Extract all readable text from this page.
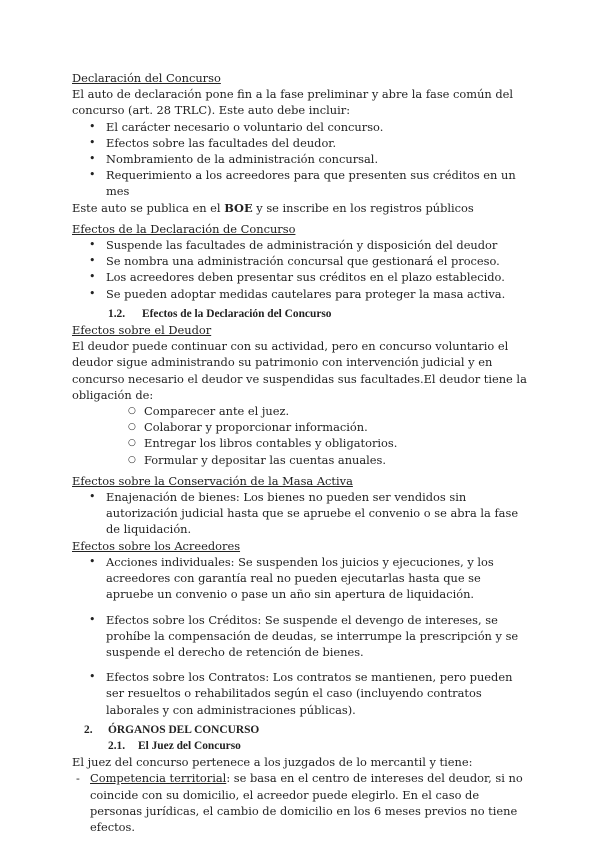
Declaración del Concurso

El auto de declaración pone fin a la fase preliminar y abre la fase común del concurso (art. 28 TRLC). Este auto debe incluir:

• El carácter necesario o voluntario del concurso.
• Efectos sobre las facultades del deudor.
• Nombramiento de la administración concursal.
• Requerimiento a los acreedores para que presenten sus créditos en un mes

Este auto se publica en el BOE y se inscribe en los registros públicos

Efectos de la Declaración de Concurso

• Suspende las facultades de administración y disposición del deudor
• Se nombra una administración concursal que gestionará el proceso.
• Los acreedores deben presentar sus créditos en el plazo establecido.
• Se pueden adoptar medidas cautelares para proteger la masa activa.

1.2. Efectos de la Declaración del Concurso

Efectos sobre el Deudor

El deudor puede continuar con su actividad, pero en concurso voluntario el deudor sigue administrando su patrimonio con intervención judicial y en concurso necesario el deudor ve suspendidas sus facultades.El deudor tiene la obligación de:

○ Comparecer ante el juez.
○ Colaborar y proporcionar información.
○ Entregar los libros contables y obligatorios.
○ Formular y depositar las cuentas anuales.

Efectos sobre la Conservación de la Masa Activa

• Enajenación de bienes: Los bienes no pueden ser vendidos sin autorización judicial hasta que se apruebe el convenio o se abra la fase de liquidación.

Efectos sobre los Acreedores

• Acciones individuales: Se suspenden los juicios y ejecuciones, y los acreedores con garantía real no pueden ejecutarlas hasta que se apruebe un convenio o pase un año sin apertura de liquidación.
• Efectos sobre los Créditos: Se suspende el devengo de intereses, se prohíbe la compensación de deudas, se interrumpe la prescripción y se suspende el derecho de retención de bienes.
• Efectos sobre los Contratos: Los contratos se mantienen, pero pueden ser resueltos o rehabilitados según el caso (incluyendo contratos laborales y con administraciones públicas).

2. ÓRGANOS DEL CONCURSO

2.1. El Juez del Concurso

El juez del concurso pertenece a los juzgados de lo mercantil y tiene:

- Competencia territorial: se basa en el centro de intereses del deudor, si no coincide con su domicilio, el acreedor puede elegirlo. En el caso de personas jurídicas, el cambio de domicilio en los 6 meses previos no tiene efectos.
